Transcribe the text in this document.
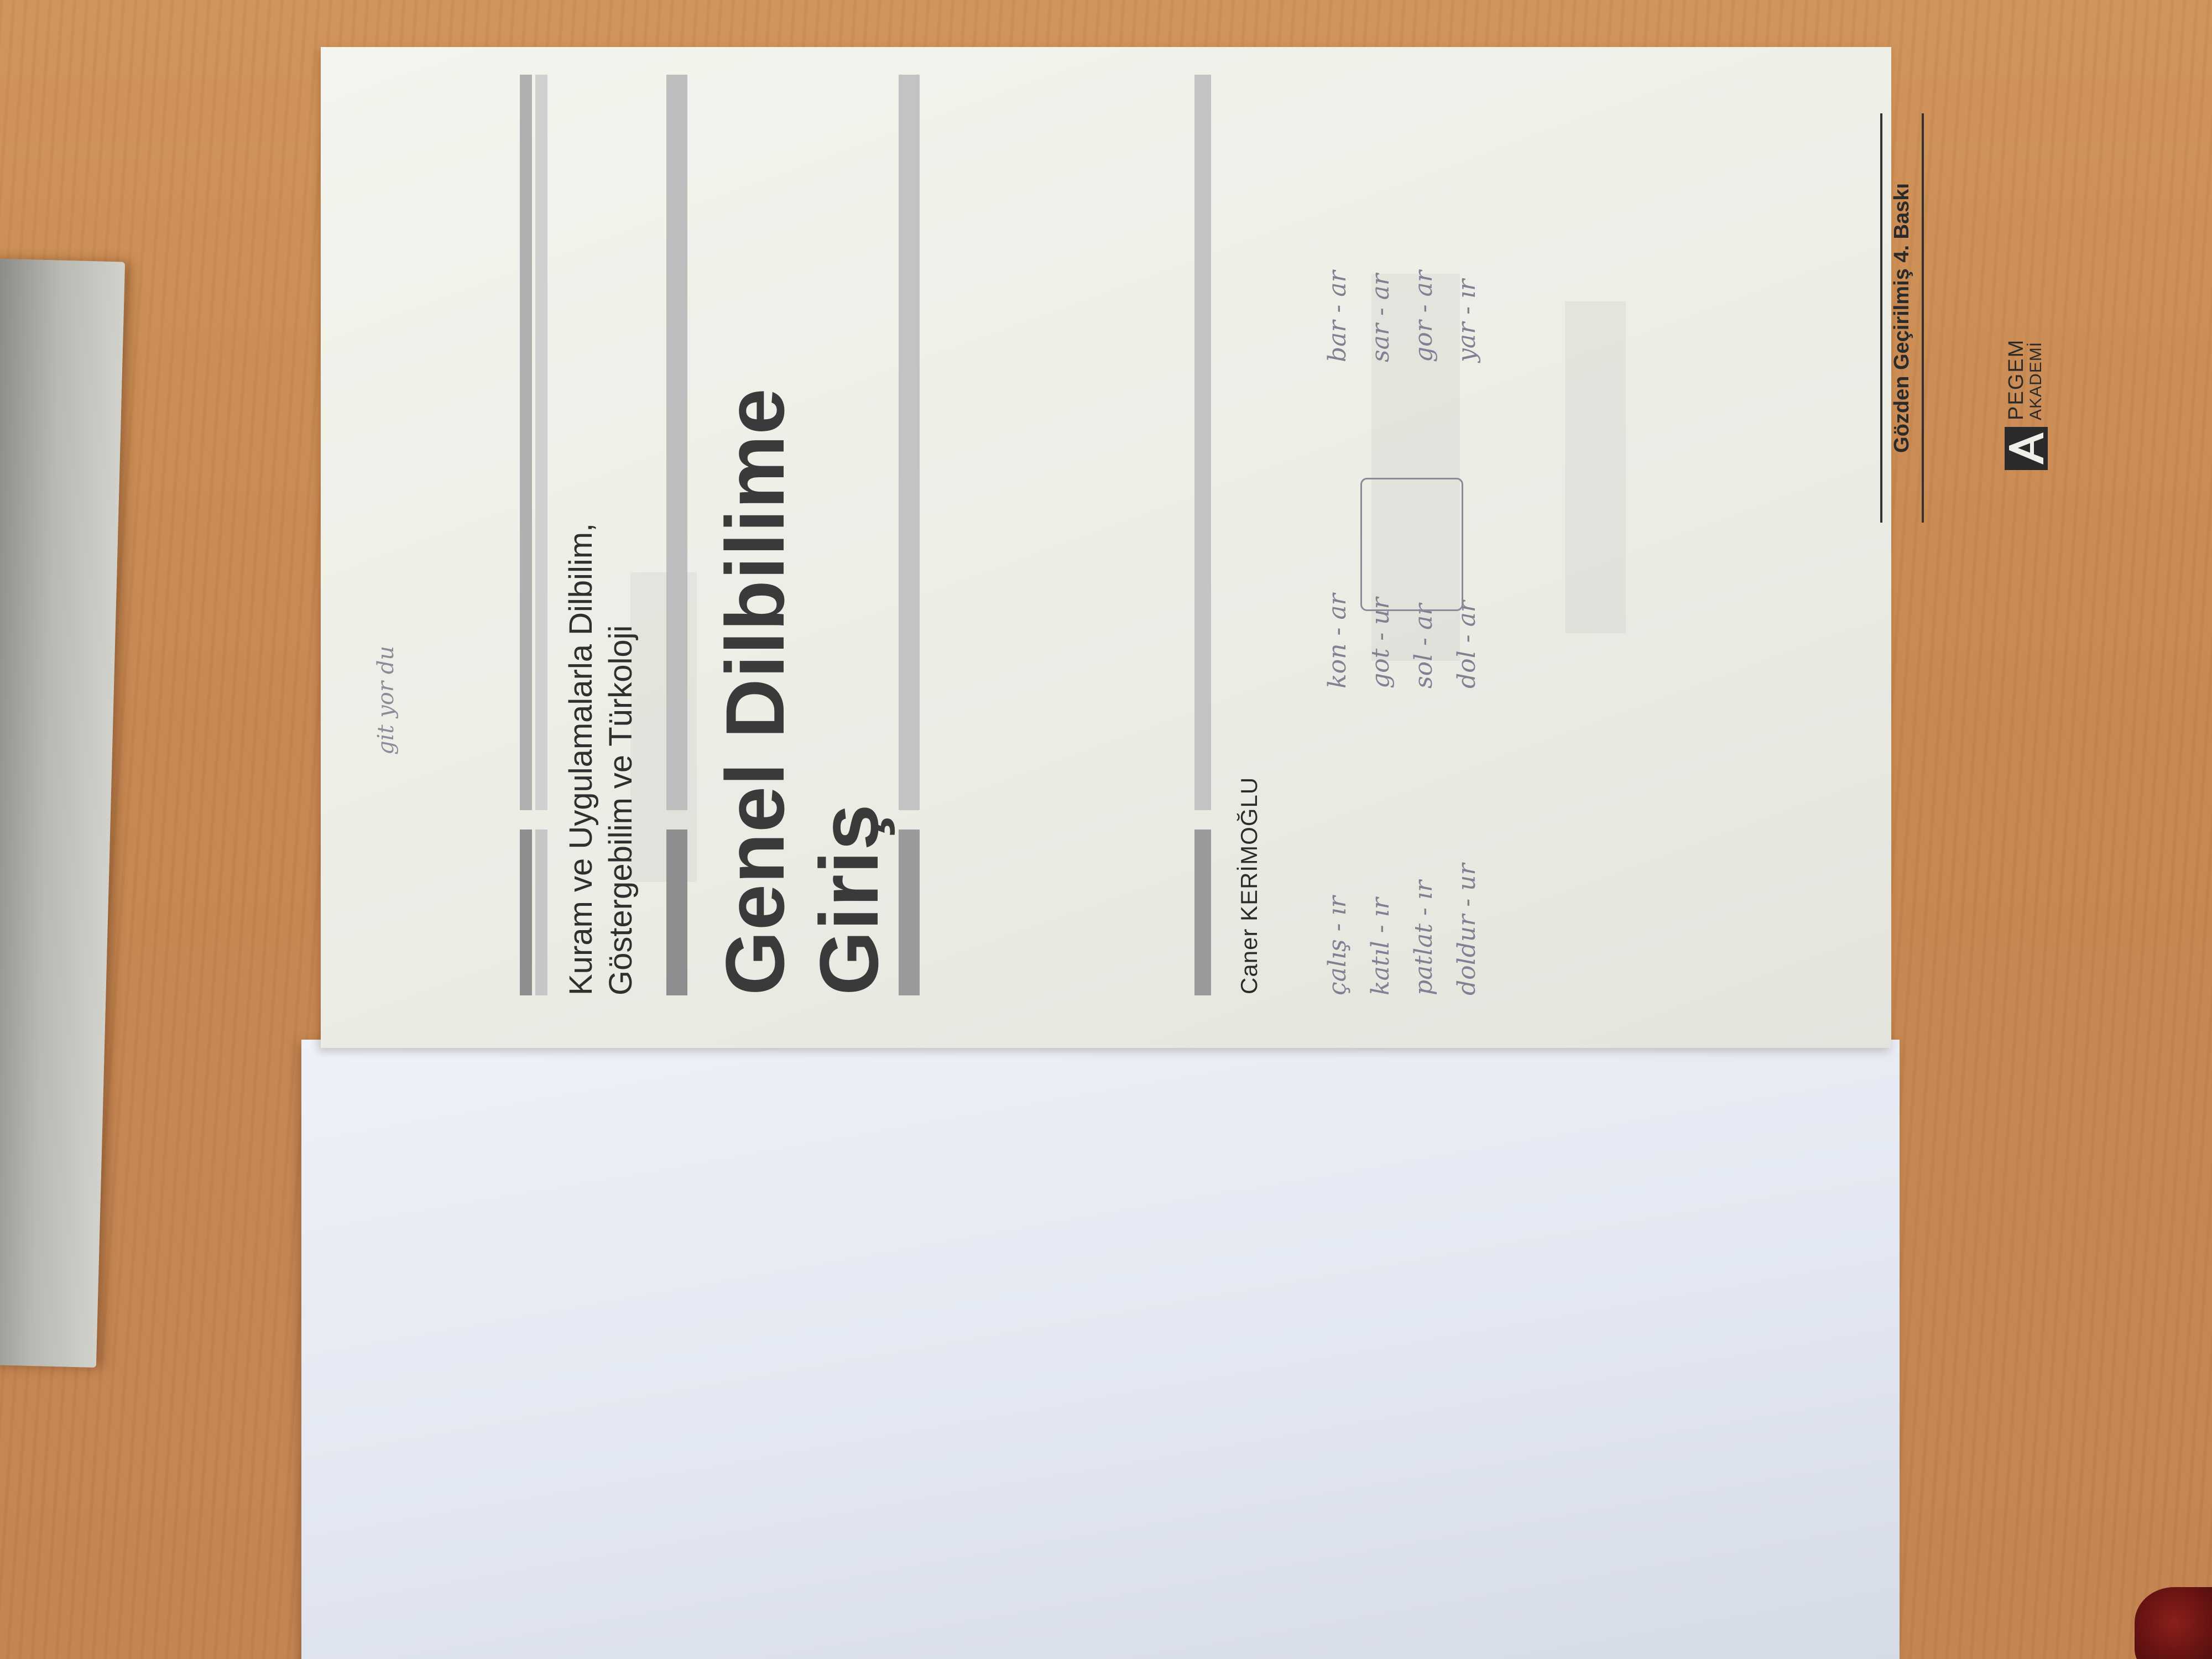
Kuram ve Uygulamalarla Dilbilim, Göstergebilim ve Türkoloji Genel Dilbilime Giriş	Caner KERİMOĞLU
git yor du
çalış - ır katıl - ır patlat - ır doldur - ur
kon - ar got - ur sol - ar dol - ar
bar - ar sar - ar gor - ar yar - ır	Gözden Geçirilmiş 4. Baskı	PEGEM
AKADEMİ
